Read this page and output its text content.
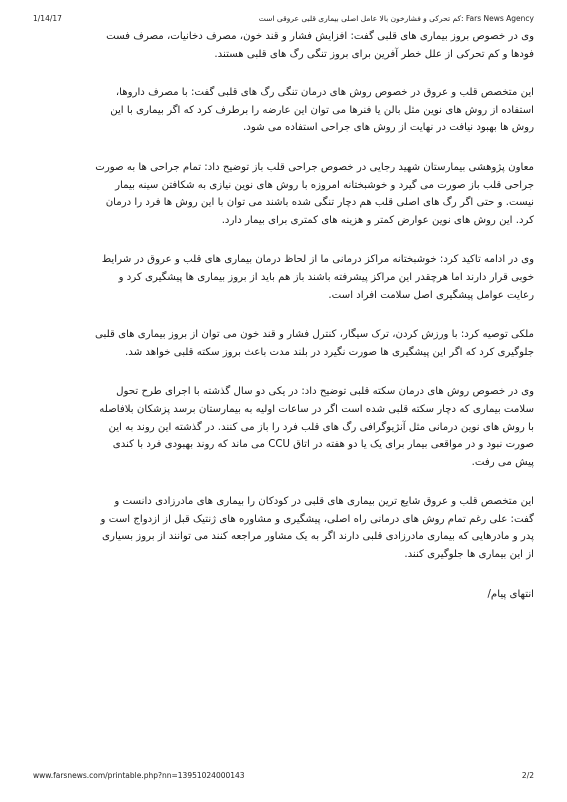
1/14/17	Fars News Agency :کم تحرکی و فشارخون بالا عامل اصلی بیماری قلبی عروقی است

وی در خصوص بروز بیماری های قلبی گفت: افزایش فشار و قند خون، مصرف دخانیات، مصرف فست فودها و کم تحرکی از علل خطر آفرین برای بروز تنگی رگ های قلبی هستند.

این متخصص قلب و عروق در خصوص روش های درمان تنگی رگ های قلبی گفت: با مصرف داروها، استفاده از روش های نوین مثل بالن یا فنرها می توان این عارضه را برطرف کرد که اگر بیماری با این روش ها بهبود نیافت در نهایت از روش های جراحی استفاده می شود.

معاون پژوهشی بیمارستان شهید رجایی در خصوص جراحی قلب باز توضیح داد: تمام جراحی ها به صورت جراحی قلب باز صورت می گیرد و خوشبختانه امروزه با روش های نوین نیازی به شکافتن سینه بیمار نیست. و حتی اگر رگ های اصلی قلب هم دچار تنگی شده باشند می توان با این روش ها فرد را درمان کرد. این روش های نوین عوارض کمتر و هزینه های کمتری برای بیمار دارد.

وی در ادامه تاکید کرد: خوشبختانه مراکز درمانی ما از لحاظ درمان بیماری های قلب و عروق در شرایط خوبی قرار دارند اما هرچقدر این مراکز پیشرفته باشند باز هم باید از بروز بیماری ها پیشگیری کرد و رعایت عوامل پیشگیری اصل سلامت افراد است.

ملکی توصیه کرد: با ورزش کردن، ترک سیگار، کنترل فشار و قند خون می توان از بروز بیماری های قلبی جلوگیری کرد که اگر این پیشگیری ها صورت نگیرد در بلند مدت باعث بروز سکته قلبی خواهد شد.

وی در خصوص روش های درمان سکته قلبی توضیح داد: در یکی دو سال گذشته با اجرای طرح تحول سلامت بیماری که دچار سکته قلبی شده است اگر در ساعات اولیه به بیمارستان برسد پزشکان بلافاصله با روش های نوین درمانی مثل آنژیوگرافی رگ های قلب فرد را باز می کنند. در گذشته این روند به این صورت نبود و در مواقعی بیمار برای یک یا دو هفته در اتاق CCU می ماند که روند بهبودی فرد با کندی پیش می رفت.

این متخصص قلب و عروق شایع ترین بیماری های قلبی در کودکان را بیماری های مادرزادی دانست و گفت: علی رغم تمام روش های درمانی راه اصلی، پیشگیری و مشاوره های ژنتیک قبل از ازدواج است و پدر و مادرهایی که بیماری مادرزادی قلبی دارند اگر به یک مشاور مراجعه کنند می توانند از بروز بسیاری از این بیماری ها جلوگیری کنند.

انتهای پیام/

www.farsnews.com/printable.php?nn=13951024000143	2/2
